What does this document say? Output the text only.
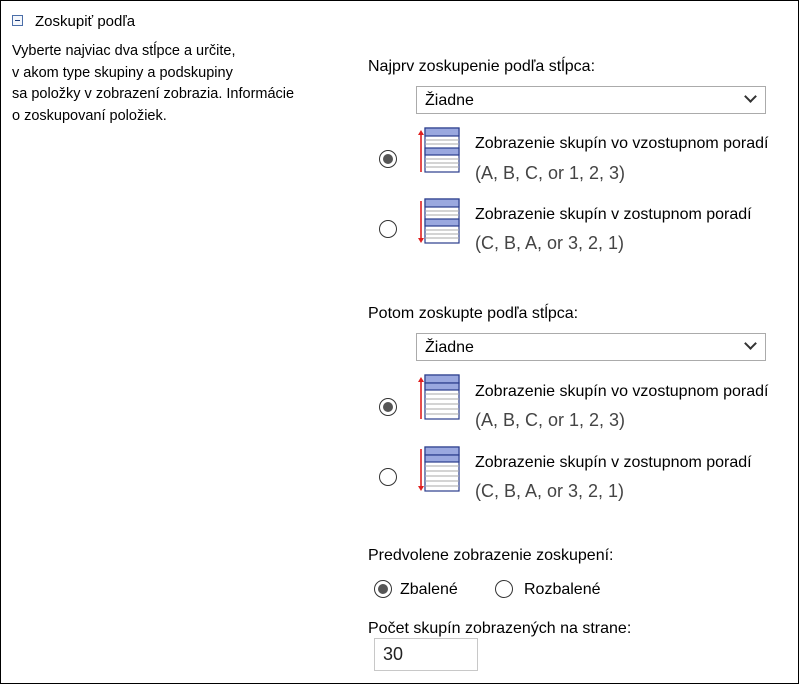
Zoskupiť podľa
Vyberte najviac dva stĺpce a určite,
v akom type skupiny a podskupiny
sa položky v zobrazení zobrazia. Informácie
o zoskupovaní položiek.
Najprv zoskupenie podľa stĺpca:
Žiadne
Zobrazenie skupín vo vzostupnom poradí
(A, B, C, or 1, 2, 3)
Zobrazenie skupín v zostupnom poradí
(C, B, A, or 3, 2, 1)
Potom zoskupte podľa stĺpca:
Žiadne
Zobrazenie skupín vo vzostupnom poradí
(A, B, C, or 1, 2, 3)
Zobrazenie skupín v zostupnom poradí
(C, B, A, or 3, 2, 1)
Predvolene zobrazenie zoskupení:
Zbalené	Rozbalené
Počet skupín zobrazených na strane:
30
